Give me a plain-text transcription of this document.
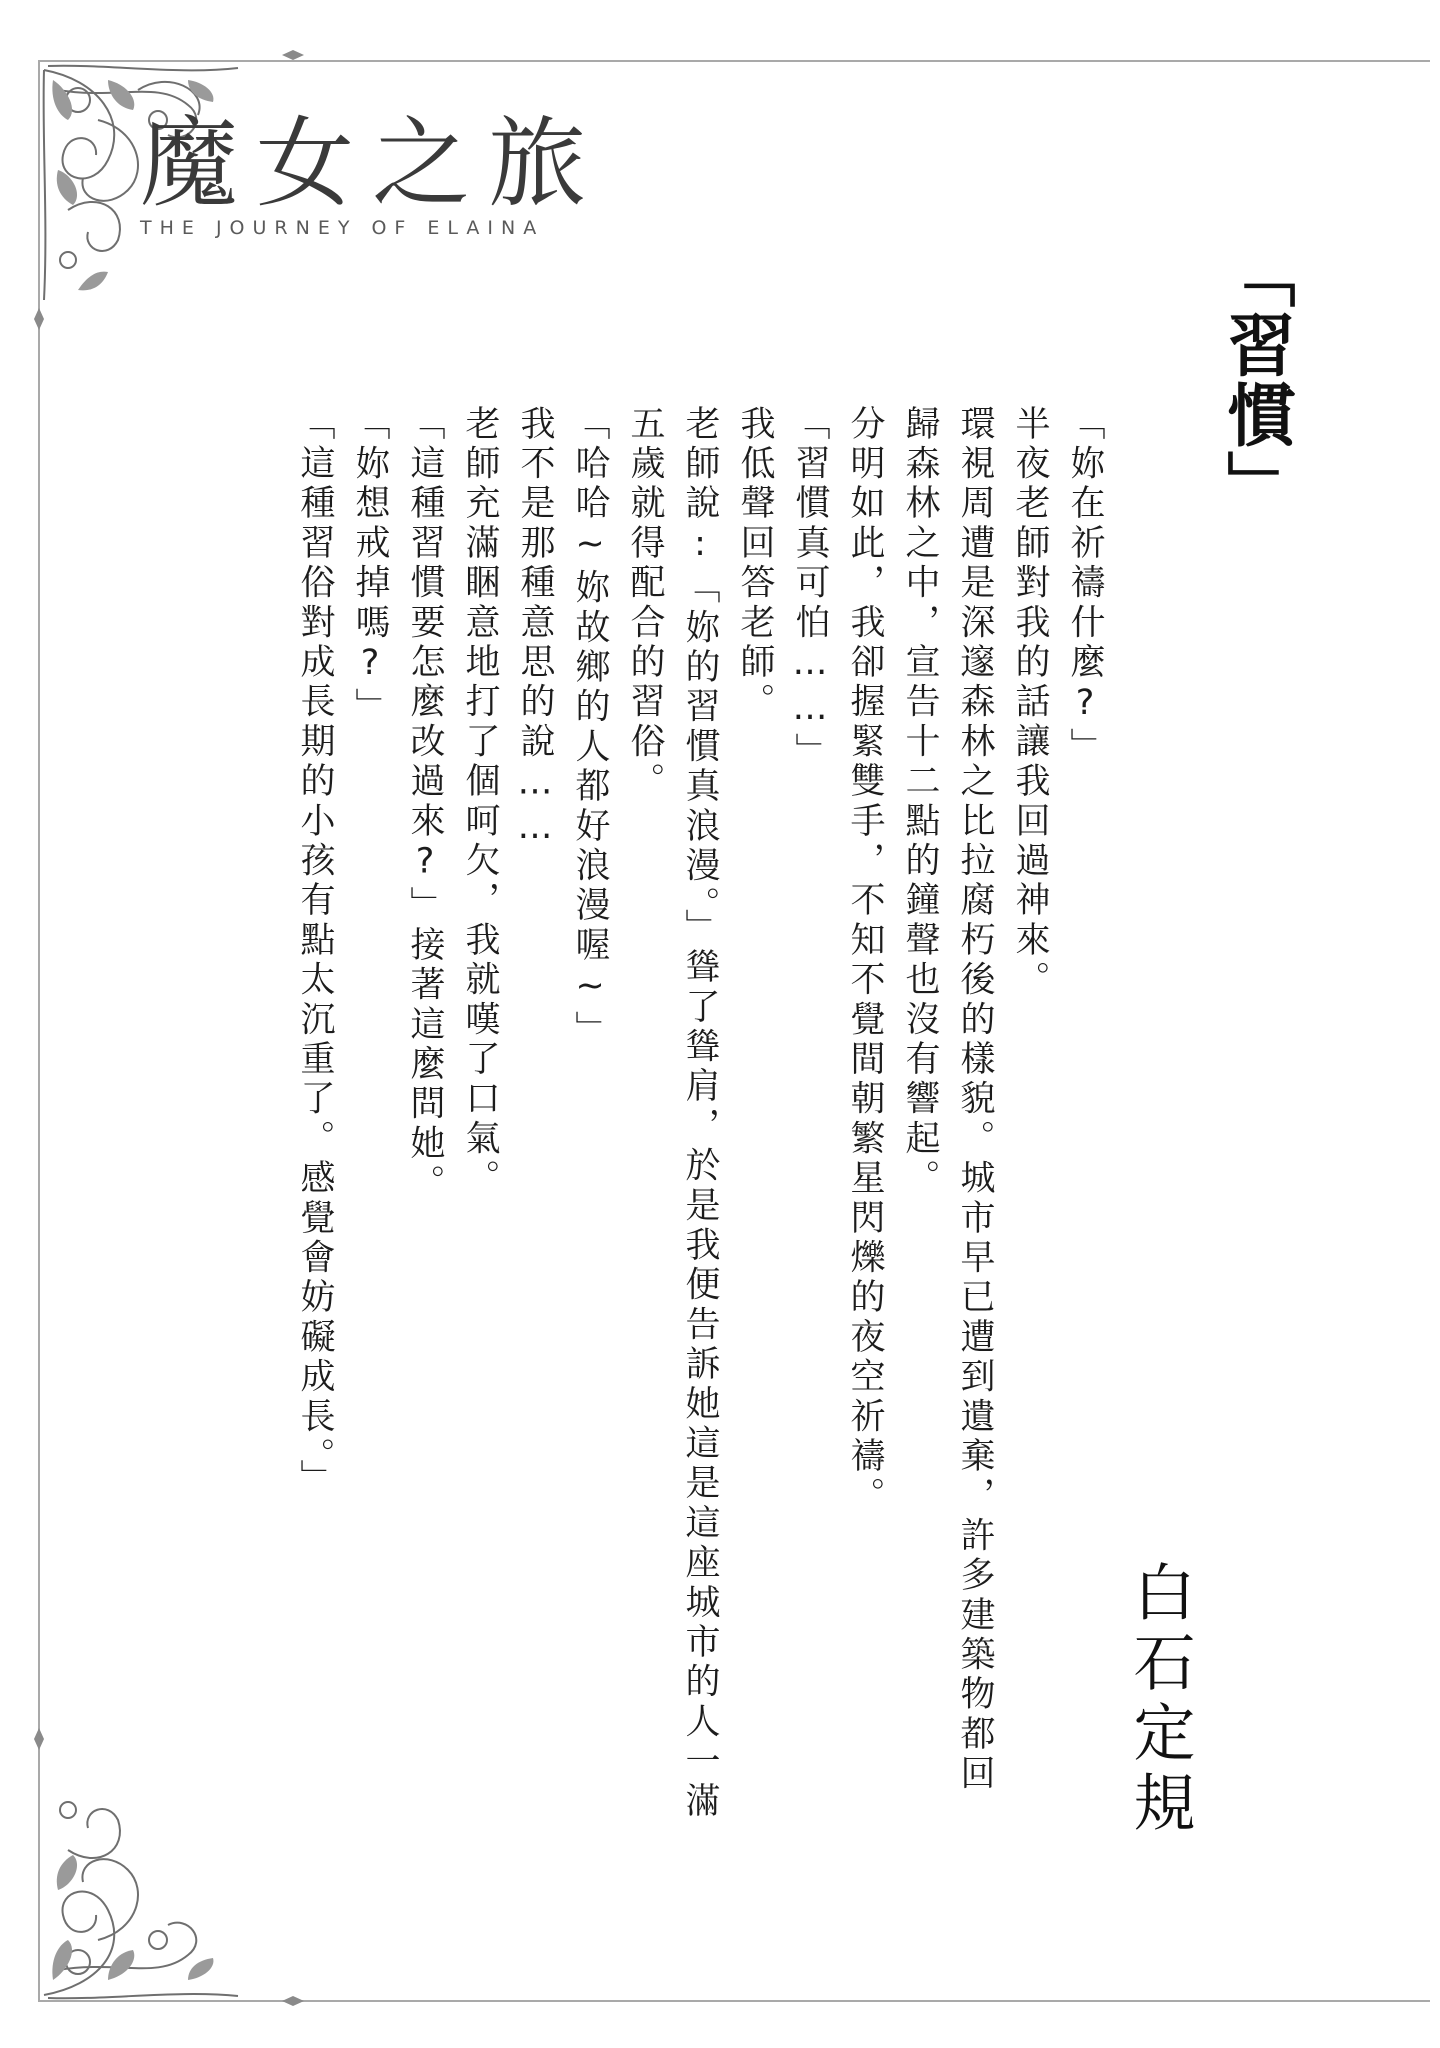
魔女之旅
THE JOURNEY OF ELAINA
「習慣」
白石定規
「妳在祈禱什麼?」
半夜老師對我的話讓我回過神來。
環視周遭是深邃森林之比拉腐朽後的樣貌。城市早已遭到遺棄，許多建築物都回
歸森林之中，宣告十二點的鐘聲也沒有響起。
分明如此，我卻握緊雙手，不知不覺間朝繁星閃爍的夜空祈禱。
「習慣真可怕……」
我低聲回答老師。
老師說:「妳的習慣真浪漫。」聳了聳肩，於是我便告訴她這是這座城市的人一滿
五歲就得配合的習俗。
「哈哈~妳故鄉的人都好浪漫喔~」
我不是那種意思的說……
老師充滿睏意地打了個呵欠，我就嘆了口氣。
「這種習慣要怎麼改過來?」接著這麼問她。
「妳想戒掉嗎?」
「這種習俗對成長期的小孩有點太沉重了。感覺會妨礙成長。」
